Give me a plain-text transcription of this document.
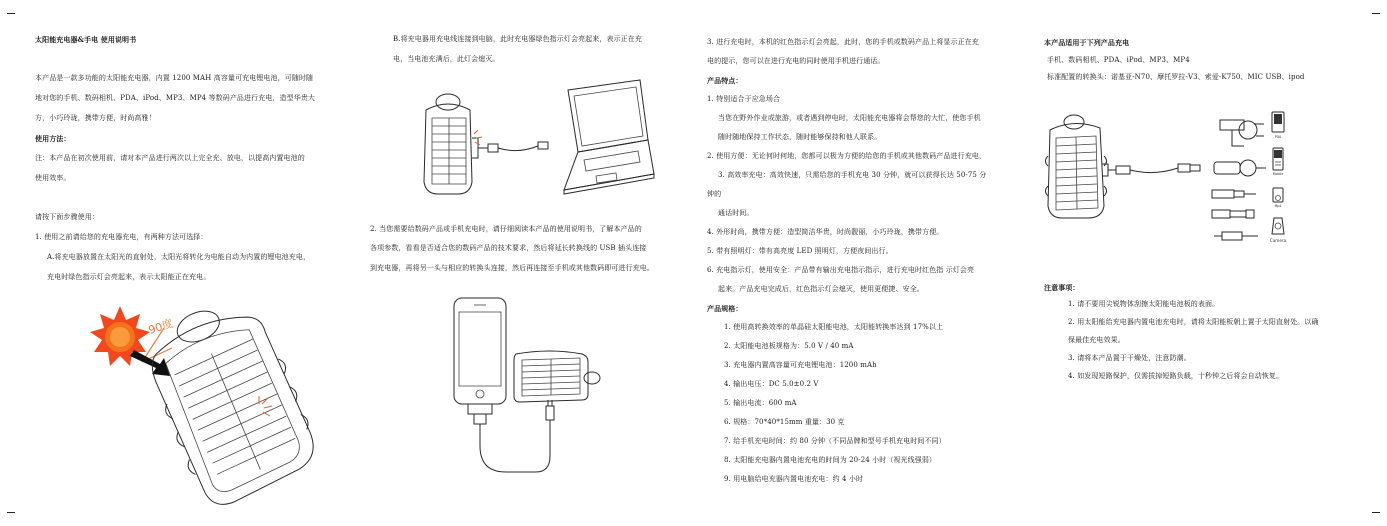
太阳能充电器&手电 使用说明书
本产品是一款多功能的太阳能充电器，内置 1200 MAH 高容量可充电锂电池，可随时随
地对您的手机、数码相机、PDA、iPod、MP3、MP4 等数码产品进行充电，造型华贵大
方，小巧玲珑，携带方便，时尚高雅！
使用方法：
注：本产品在初次使用前，请对本产品进行两次以上完全充、放电，以提高内置电池的
使用效率。
请按下面步骤使用：
1. 使用之前请给您的充电器充电，有两种方法可选择：
A.将充电器放置在太阳光的直射处，太阳光将转化为电能自动为内置的锂电池充电，
充电时绿色指示灯会亮起来，表示太阳能正在充电。
90度
B.将充电器用充电线连接到电脑，此时充电器绿色指示灯会亮起来，表示正在充
电，当电池充满后，此灯会熄灭。
2. 当您需要给数码产品或手机充电时，请仔细阅读本产品的使用说明书，了解本产品的
各项参数，看看是否适合您的数码产品的技术要求，然后将延长转换线的 USB 插头连接
到充电器，再将另一头与相应的转换头连接，然后再连接至手机或其他数码即可进行充电。
3. 进行充电时，本机的红色指示灯会亮起，此时，您的手机或数码产品上将显示正在充
电的提示，您可以在进行充电的同时使用手机进行通话。
产品特点：
1. 特别适合于应急场合
当您在野外作业或旅游，或者遇到停电时，太阳能充电器将会帮您的大忙，使您手机
随时随地保持工作状态，随时能够保持和他人联系。
2. 使用方便：无论何时何地，您都可以极为方便的给您的手机或其他数码产品进行充电，
3. 高效率充电：高效快速，只需给您的手机充电 30 分钟，就可以获得长达 50-75 分
钟的
通话时间。
4. 外形时尚，携带方便：造型简洁华贵，时尚靓丽，小巧玲珑，携带方便。
5. 带有照明灯：带有高亮度 LED 照明灯，方便夜间出行。
6. 充电指示灯，使用安全：产品带有输出充电指示指示，进行充电时红色指 示灯会亮
起来。产品充电完成后，红色指示灯会熄灭，使用更便捷、安全。
产品规格：
1. 使用高转换效率的单晶硅太阳能电池，太阳能转换率达到 17%以上
2. 太阳能电池板规格为：5.0 V / 40 mA
3. 充电器内置高容量可充电锂电池：1200 mAh
4. 输出电压：DC 5.0±0.2 V
5. 输出电流：600 mA
6. 规格：70*40*15mm 重量：30 克
7. 给手机充电时间：约 80 分钟（不同品牌和型号手机充电时间不同）
8. 太阳能充电器内置电池充电的时间为 20-24 小时（视光线强弱）
9. 用电脑给电充器内置电池充电：约 4 小时
本产品适用于下列产品充电
手机、数码相机、PDA、iPod、MP3、MP4
标准配置的转换头：诺基亚-N70、摩托罗拉-V3、索爱-K750、MIC USB、ipod
PDA
Mobile
Mp4
Camera
注意事项：
1. 请不要用尖锐物体刮擦太阳能电池板的表面。
2. 用太阳能给充电器内置电池充电时，请将太阳能板朝上置于太阳直射处。以确
保最佳充电效果。
3. 请将本产品置于干燥处，注意防潮。
4. 如发现短路保护，仅需拔掉短路负载，十秒钟之后将会自动恢复。
